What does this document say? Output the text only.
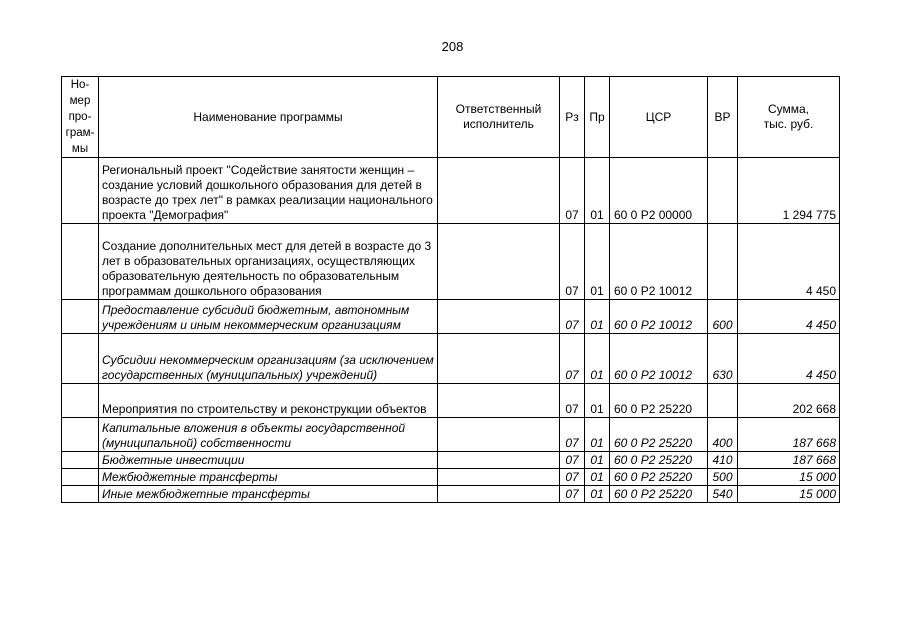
208
Но-
мер
про-
грам-
мы	Наименование программы	Ответственный исполнитель	Рз	Пр	ЦСР	ВР	Сумма, тыс. руб.
	Региональный проект "Содействие занятости женщин – создание условий дошкольного образования для детей в возрасте до трех лет" в рамках реализации национального проекта "Демография"		07	01	60 0 P2 00000		1 294 775
	Создание дополнительных мест для детей в возрасте до 3 лет в образовательных организациях, осуществляющих образовательную деятельность по образовательным программам дошкольного образования		07	01	60 0 P2 10012		4 450
	Предоставление субсидий бюджетным, автономным учреждениям и иным некоммерческим организациям		07	01	60 0 P2 10012	600	4 450
	Субсидии некоммерческим организациям (за исключением государственных (муниципальных) учреждений)		07	01	60 0 P2 10012	630	4 450
	Мероприятия по строительству и реконструкции объектов		07	01	60 0 P2 25220		202 668
	Капитальные вложения в объекты государственной (муниципальной) собственности		07	01	60 0 P2 25220	400	187 668
	Бюджетные инвестиции		07	01	60 0 P2 25220	410	187 668
	Межбюджетные трансферты		07	01	60 0 P2 25220	500	15 000
	Иные межбюджетные трансферты		07	01	60 0 P2 25220	540	15 000
